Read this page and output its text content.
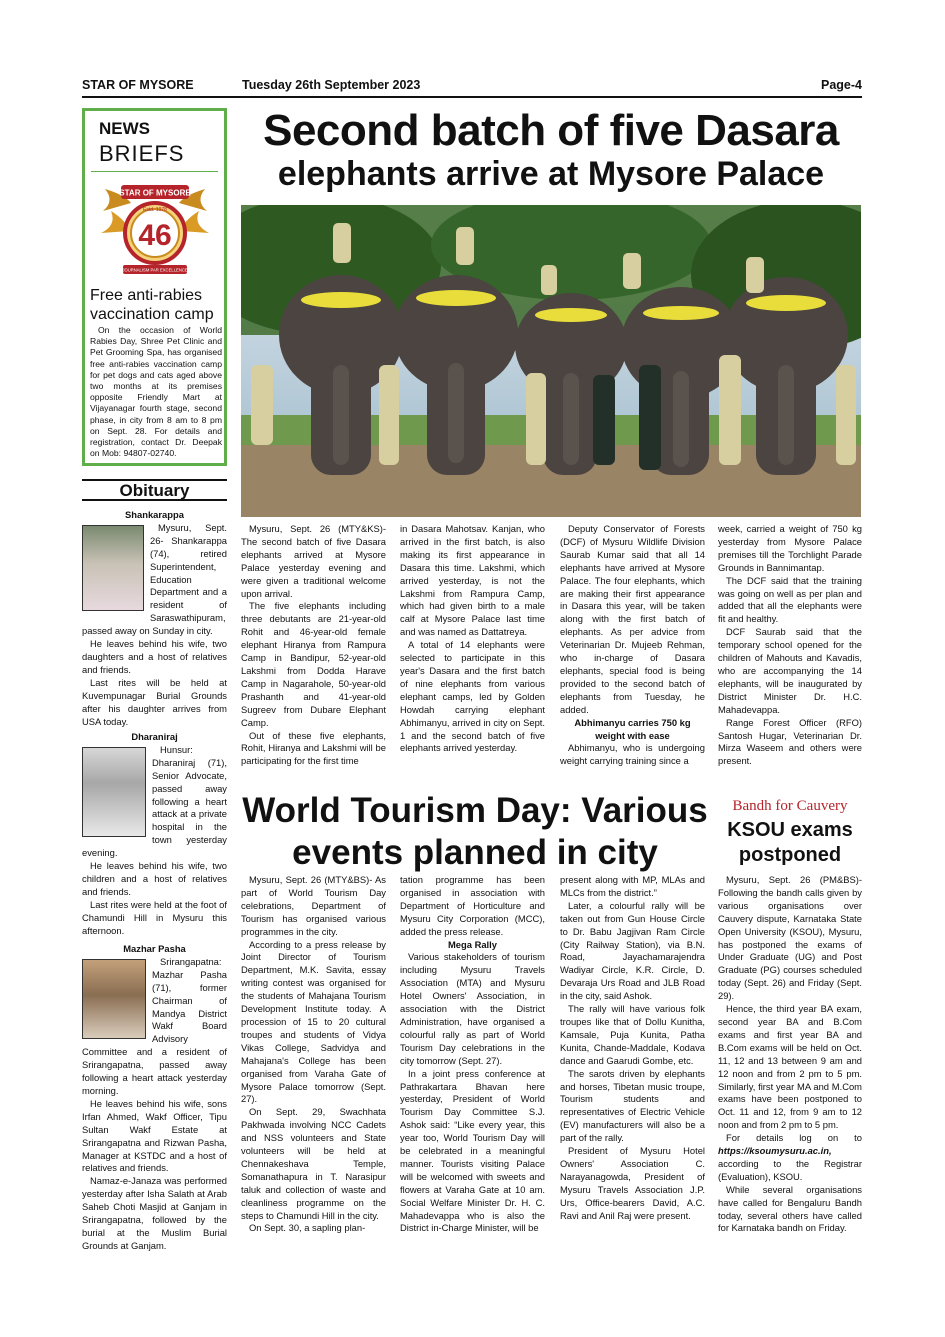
STAR OF MYSORE	Tuesday 26th September 2023	Page-4
NEWS
BRIEFS
STAR OF MYSORE
Estd. 1978
46
JOURNALISM PAR EXCELLENCE
Free anti-rabies vaccination camp
On the occasion of World Rabies Day, Shree Pet Clinic and Pet Grooming Spa, has organised free anti-rabies vaccination camp for pet dogs and cats aged above two months at its premises opposite Friendly Mart at Vijayanagar fourth stage, second phase, in city from 8 am to 8 pm on Sept. 28. For details and registration, contact Dr. Deepak on Mob: 94807-02740.
Obituary

Shankarappa

Mysuru, Sept. 26- Shankarappa (74), retired Superintendent, Education Department and a resident of Saraswathipuram, passed away on Sunday in city.

He leaves behind his wife, two daughters and a host of relatives and friends.

Last rites will be held at Kuvempunagar Burial Grounds after his daughter arrives from USA today.

Dharaniraj

Hunsur: Dharaniraj (71), Senior Advocate, passed away following a heart attack at a private hospital in the town yesterday evening.

He leaves behind his wife, two children and a host of relatives and friends.

Last rites were held at the foot of Chamundi Hill in Mysuru this afternoon.

Mazhar Pasha

Srirangapatna: Mazhar Pasha (71), former Chairman of Mandya District Wakf Board Advisory Committee and a resident of Srirangapatna, passed away following a heart attack yesterday morning.

He leaves behind his wife, sons Irfan Ahmed, Wakf Officer, Tipu Sultan Wakf Estate at Srirangapatna and Rizwan Pasha, Manager at KSTDC and a host of relatives and friends.

Namaz-e-Janaza was performed yesterday after Isha Salath at Arab Saheb Choti Masjid at Ganjam in Srirangapatna, followed by the burial at the Muslim Burial Grounds at Ganjam.

Second batch of five Dasara
elephants arrive at Mysore Palace

Mysuru, Sept. 26 (MTY&KS)- The second batch of five Dasara elephants arrived at Mysore Palace yesterday evening and were given a traditional welcome upon arrival.

The five elephants including three debutants are 21-year-old Rohit and 46-year-old female elephant Hiranya from Rampura Camp in Bandipur, 52-year-old Lakshmi from Dodda Harave Camp in Nagarahole, 50-year-old Prashanth and 41-year-old Sugreev from Dubare Elephant Camp.

Out of these five elephants, Rohit, Hiranya and Lakshmi will be participating for the first time

in Dasara Mahotsav. Kanjan, who arrived in the first batch, is also making its first appearance in Dasara this time. Lakshmi, which arrived yesterday, is not the Lakshmi from Rampura Camp, which had given birth to a male calf at Mysore Palace last time and was named as Dattatreya.

A total of 14 elephants were selected to participate in this year's Dasara and the first batch of nine elephants from various elephant camps, led by Golden Howdah carrying elephant Abhimanyu, arrived in city on Sept. 1 and the second batch of five elephants arrived yesterday.

Deputy Conservator of Forests (DCF) of Mysuru Wildlife Division Saurab Kumar said that all 14 elephants have arrived at Mysore Palace. The four elephants, which are making their first appearance in Dasara this year, will be taken along with the first batch of elephants. As per advice from Veterinarian Dr. Mujeeb Rehman, who in-charge of Dasara elephants, special food is being provided to the second batch of elephants from Tuesday, he added.

Abhimanyu carries 750 kg weight with ease

Abhimanyu, who is undergoing weight carrying training since a

week, carried a weight of 750 kg yesterday from Mysore Palace premises till the Torchlight Parade Grounds in Bannimantap.

The DCF said that the training was going on well as per plan and added that all the elephants were fit and healthy.

DCF Saurab said that the temporary school opened for the children of Mahouts and Kavadis, who are accompanying the 14 elephants, will be inaugurated by District Minister Dr. H.C. Mahadevappa.

Range Forest Officer (RFO) Santosh Hugar, Veterinarian Dr. Mirza Waseem and others were present.

World Tourism Day: Various events planned in city

Mysuru, Sept. 26 (MTY&BS)- As part of World Tourism Day celebrations, Department of Tourism has organised various programmes in the city.

According to a press release by Joint Director of Tourism Department, M.K. Savita, essay writing contest was organised for the students of Mahajana Tourism Development Institute today. A procession of 15 to 20 cultural troupes and students of Vidya Vikas College, Sadvidya and Mahajana's College has been organised from Varaha Gate of Mysore Palace tomorrow (Sept. 27).

On Sept. 29, Swachhata Pakhwada involving NCC Cadets and NSS volunteers and State volunteers will be held at Chennakeshava Temple, Somanathapura in T. Narasipur taluk and collection of waste and cleanliness programme on the steps to Chamundi Hill in the city.

On Sept. 30, a sapling plan-

tation programme has been organised in association with Department of Horticulture and Mysuru City Corporation (MCC), added the press release.

Mega Rally

Various stakeholders of tourism including Mysuru Travels Association (MTA) and Mysuru Hotel Owners' Association, in association with the District Administration, have organised a colourful rally as part of World Tourism Day celebrations in the city tomorrow (Sept. 27).

In a joint press conference at Pathrakartara Bhavan here yesterday, President of World Tourism Day Committee S.J. Ashok said: “Like every year, this year too, World Tourism Day will be celebrated in a meaningful manner. Tourists visiting Palace will be welcomed with sweets and flowers at Varaha Gate at 10 am. Social Welfare Minister Dr. H. C. Mahadevappa who is also the District in-Charge Minister, will be

present along with MP, MLAs and MLCs from the district.”

Later, a colourful rally will be taken out from Gun House Circle to Dr. Babu Jagjivan Ram Circle (City Railway Station), via B.N. Road, Jayachamarajendra Wadiyar Circle, K.R. Circle, D. Devaraja Urs Road and JLB Road in the city, said Ashok.

The rally will have various folk troupes like that of Dollu Kunitha, Kamsale, Puja Kunita, Patha Kunita, Chande-Maddale, Kodava dance and Gaarudi Gombe, etc.

The sarots driven by elephants and horses, Tibetan music troupe, Tourism students and representatives of Electric Vehicle (EV) manufacturers will also be a part of the rally.

President of Mysuru Hotel Owners' Association C. Narayanagowda, President of Mysuru Travels Association J.P. Urs, Office-bearers David, A.C. Ravi and Anil Raj were present.

Bandh for Cauvery
KSOU exams postponed

Mysuru, Sept. 26 (PM&BS)- Following the bandh calls given by various organisations over Cauvery dispute, Karnataka State Open University (KSOU), Mysuru, has postponed the exams of Under Graduate (UG) and Post Graduate (PG) courses scheduled today (Sept. 26) and Friday (Sept. 29).

Hence, the third year BA exam, second year BA and B.Com exams and first year BA and B.Com exams will be held on Oct. 11, 12 and 13 between 9 am and 12 noon and from 2 pm to 5 pm. Similarly, first year MA and M.Com exams have been postponed to Oct. 11 and 12, from 9 am to 12 noon and from 2 pm to 5 pm.

For details log on to https://ksoumysuru.ac.in, according to the Registrar (Evaluation), KSOU.

While several organisations have called for Bengaluru Bandh today, several others have called for Karnataka bandh on Friday.
